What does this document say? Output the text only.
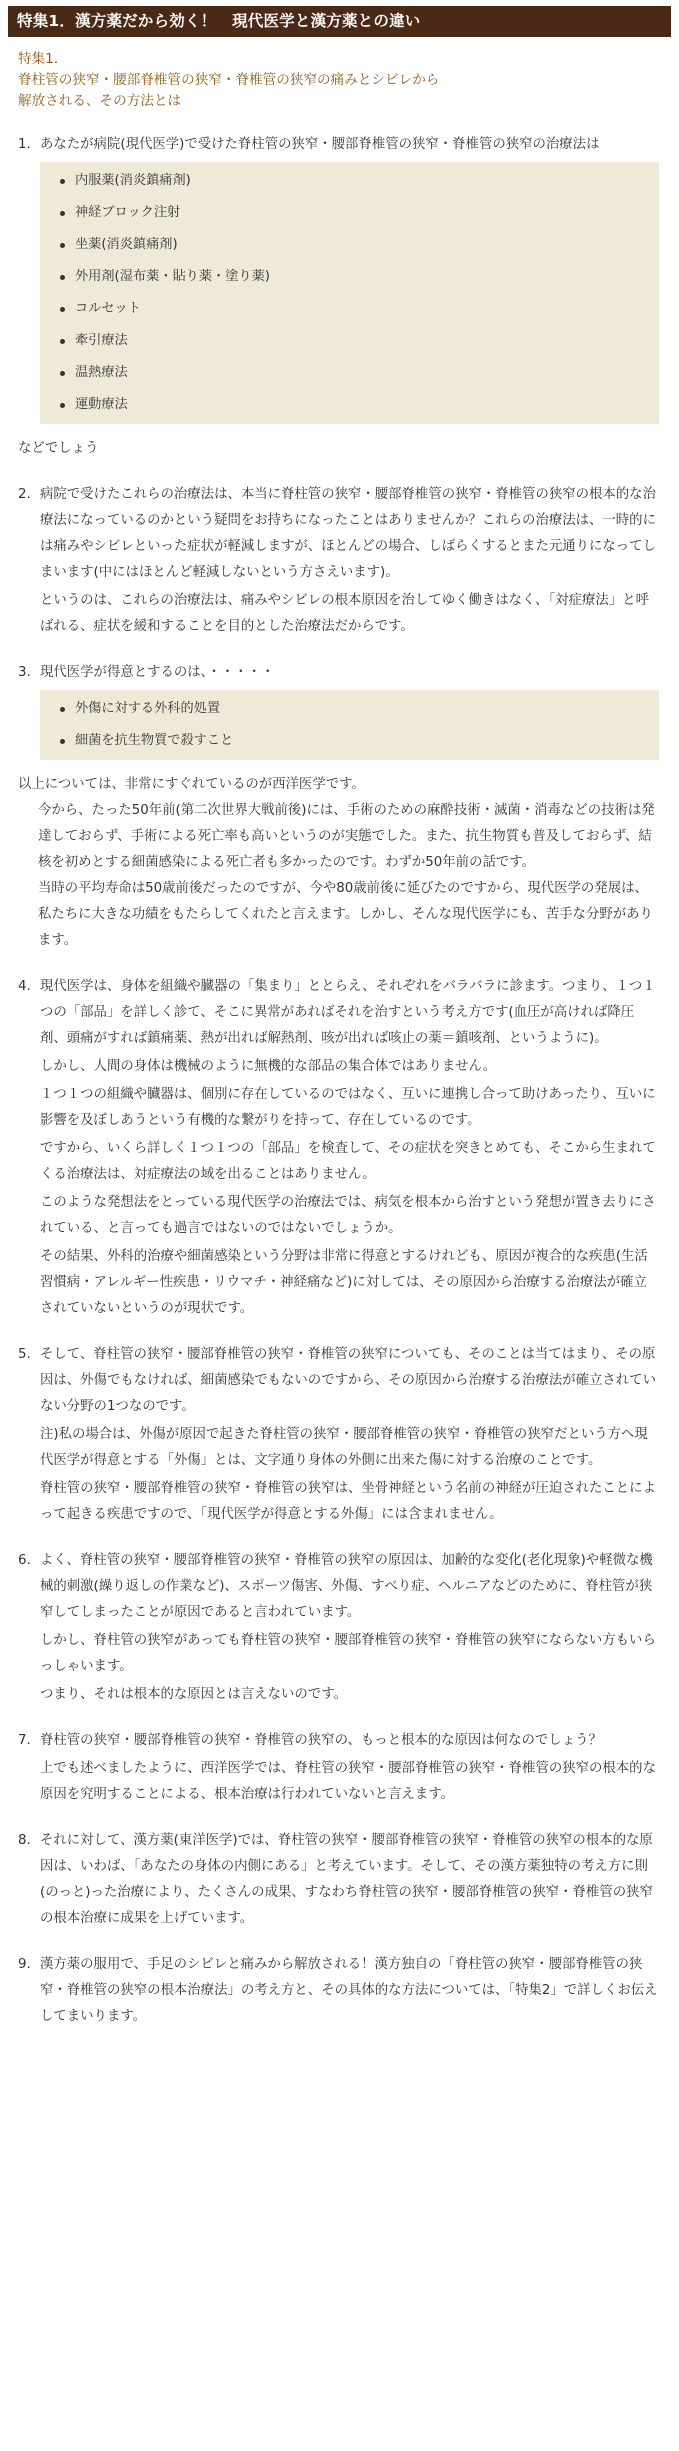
特集1．漢方薬だから効く！　現代医学と漢方薬との違い
特集1．
脊柱管の狭窄・腰部脊椎管の狭窄・脊椎管の狭窄の痛みとシビレから
解放される、その方法とは
1. あなたが病院(現代医学)で受けた脊柱管の狭窄・腰部脊椎管の狭窄・脊椎管の狭窄の治療法は

内服薬(消炎鎮痛剤)
神経ブロック注射
坐薬(消炎鎮痛剤)
外用剤(湿布薬・貼り薬・塗り薬)
コルセット
牽引療法
温熱療法
運動療法
などでしょう
2. 病院で受けたこれらの治療法は、本当に脊柱管の狭窄・腰部脊椎管の狭窄・脊椎管の狭窄の根本的な治療法になっているのかという疑問をお持ちになったことはありませんか？これらの治療法は、一時的には痛みやシビレといった症状が軽減しますが、ほとんどの場合、しばらくするとまた元通りになってしまいます(中にはほとんど軽減しないという方さえいます)。

というのは、これらの治療法は、痛みやシビレの根本原因を治してゆく働きはなく、「対症療法」と呼ばれる、症状を緩和することを目的とした治療法だからです。

3. 現代医学が得意とするのは、・・・・・

外傷に対する外科的処置
細菌を抗生物質で殺すこと
以上については、非常にすぐれているのが西洋医学です。

今から、たった50年前(第二次世界大戦前後)には、手術のための麻酔技術・滅菌・消毒などの技術は発達しておらず、手術による死亡率も高いというのが実態でした。また、抗生物質も普及しておらず、結核を初めとする細菌感染による死亡者も多かったのです。わずか50年前の話です。

当時の平均寿命は50歳前後だったのですが、今や80歳前後に延びたのですから、現代医学の発展は、私たちに大きな功績をもたらしてくれたと言えます。しかし、そんな現代医学にも、苦手な分野があります。

4. 現代医学は、身体を組織や臓器の「集まり」ととらえ、それぞれをバラバラに診ます。つまり、１つ１つの「部品」を詳しく診て、そこに異常があればそれを治すという考え方です(血圧が高ければ降圧剤、頭痛がすれば鎮痛薬、熱が出れば解熱剤、咳が出れば咳止の薬＝鎮咳剤、というように)。

しかし、人間の身体は機械のように無機的な部品の集合体ではありません。

１つ１つの組織や臓器は、個別に存在しているのではなく、互いに連携し合って助けあったり、互いに影響を及ぼしあうという有機的な繋がりを持って、存在しているのです。

ですから、いくら詳しく１つ１つの「部品」を検査して、その症状を突きとめても、そこから生まれてくる治療法は、対症療法の域を出ることはありません。

このような発想法をとっている現代医学の治療法では、病気を根本から治すという発想が置き去りにされている、と言っても過言ではないのではないでしょうか。

その結果、外科的治療や細菌感染という分野は非常に得意とするけれども、原因が複合的な疾患(生活習慣病・アレルギー性疾患・リウマチ・神経痛など)に対しては、その原因から治療する治療法が確立されていないというのが現状です。

5. そして、脊柱管の狭窄・腰部脊椎管の狭窄・脊椎管の狭窄についても、そのことは当てはまり、その原因は、外傷でもなければ、細菌感染でもないのですから、その原因から治療する治療法が確立されていない分野の1つなのです。

注)私の場合は、外傷が原因で起きた脊柱管の狭窄・腰部脊椎管の狭窄・脊椎管の狭窄だという方へ現代医学が得意とする「外傷」とは、文字通り身体の外側に出来た傷に対する治療のことです。

脊柱管の狭窄・腰部脊椎管の狭窄・脊椎管の狭窄は、坐骨神経という名前の神経が圧迫されたことによって起きる疾患ですので、「現代医学が得意とする外傷」には含まれません。

6. よく、脊柱管の狭窄・腰部脊椎管の狭窄・脊椎管の狭窄の原因は、加齢的な変化(老化現象)や軽微な機械的刺激(繰り返しの作業など)、スポーツ傷害、外傷、すべり症、ヘルニアなどのために、脊柱管が狭窄してしまったことが原因であると言われています。

しかし、脊柱管の狭窄があっても脊柱管の狭窄・腰部脊椎管の狭窄・脊椎管の狭窄にならない方もいらっしゃいます。

つまり、それは根本的な原因とは言えないのです。

7. 脊柱管の狭窄・腰部脊椎管の狭窄・脊椎管の狭窄の、もっと根本的な原因は何なのでしょう？

上でも述べましたように、西洋医学では、脊柱管の狭窄・腰部脊椎管の狭窄・脊椎管の狭窄の根本的な原因を究明することによる、根本治療は行われていないと言えます。

8. それに対して、漢方薬(東洋医学)では、脊柱管の狭窄・腰部脊椎管の狭窄・脊椎管の狭窄の根本的な原因は、いわば、「あなたの身体の内側にある」と考えています。そして、その漢方薬独特の考え方に則(のっと)った治療により、たくさんの成果、すなわち脊柱管の狭窄・腰部脊椎管の狭窄・脊椎管の狭窄の根本治療に成果を上げています。

9. 漢方薬の服用で、手足のシビレと痛みから解放される！漢方独自の「脊柱管の狭窄・腰部脊椎管の狭窄・脊椎管の狭窄の根本治療法」の考え方と、その具体的な方法については、「特集2」で詳しくお伝えしてまいります。
